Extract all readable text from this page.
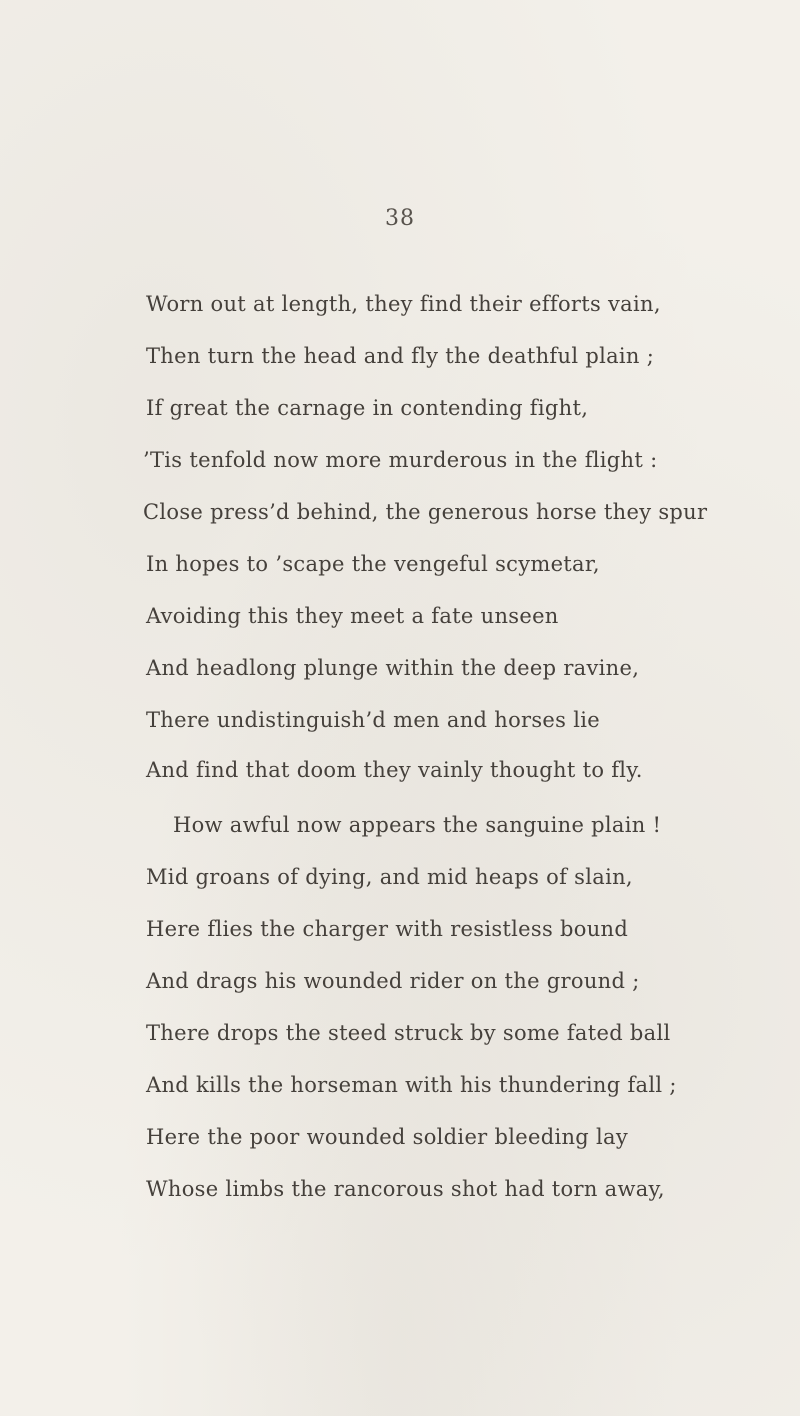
38
Worn out at length, they find their efforts vain,
Then turn the head and fly the deathful plain ;
If great the carnage in contending fight,
’Tis tenfold now more murderous in the flight :
Close press’d behind, the generous horse they spur
In hopes to ’scape the vengeful scymetar,
Avoiding this they meet a fate unseen
And headlong plunge within the deep ravine,
There undistinguish’d men and horses lie
And find that doom they vainly thought to fly.
How awful now appears the sanguine plain !
Mid groans of dying, and mid heaps of slain,
Here flies the charger with resistless bound
And drags his wounded rider on the ground ;
There drops the steed struck by some fated ball
And kills the horseman with his thundering fall ;
Here the poor wounded soldier bleeding lay
Whose limbs the rancorous shot had torn away,
